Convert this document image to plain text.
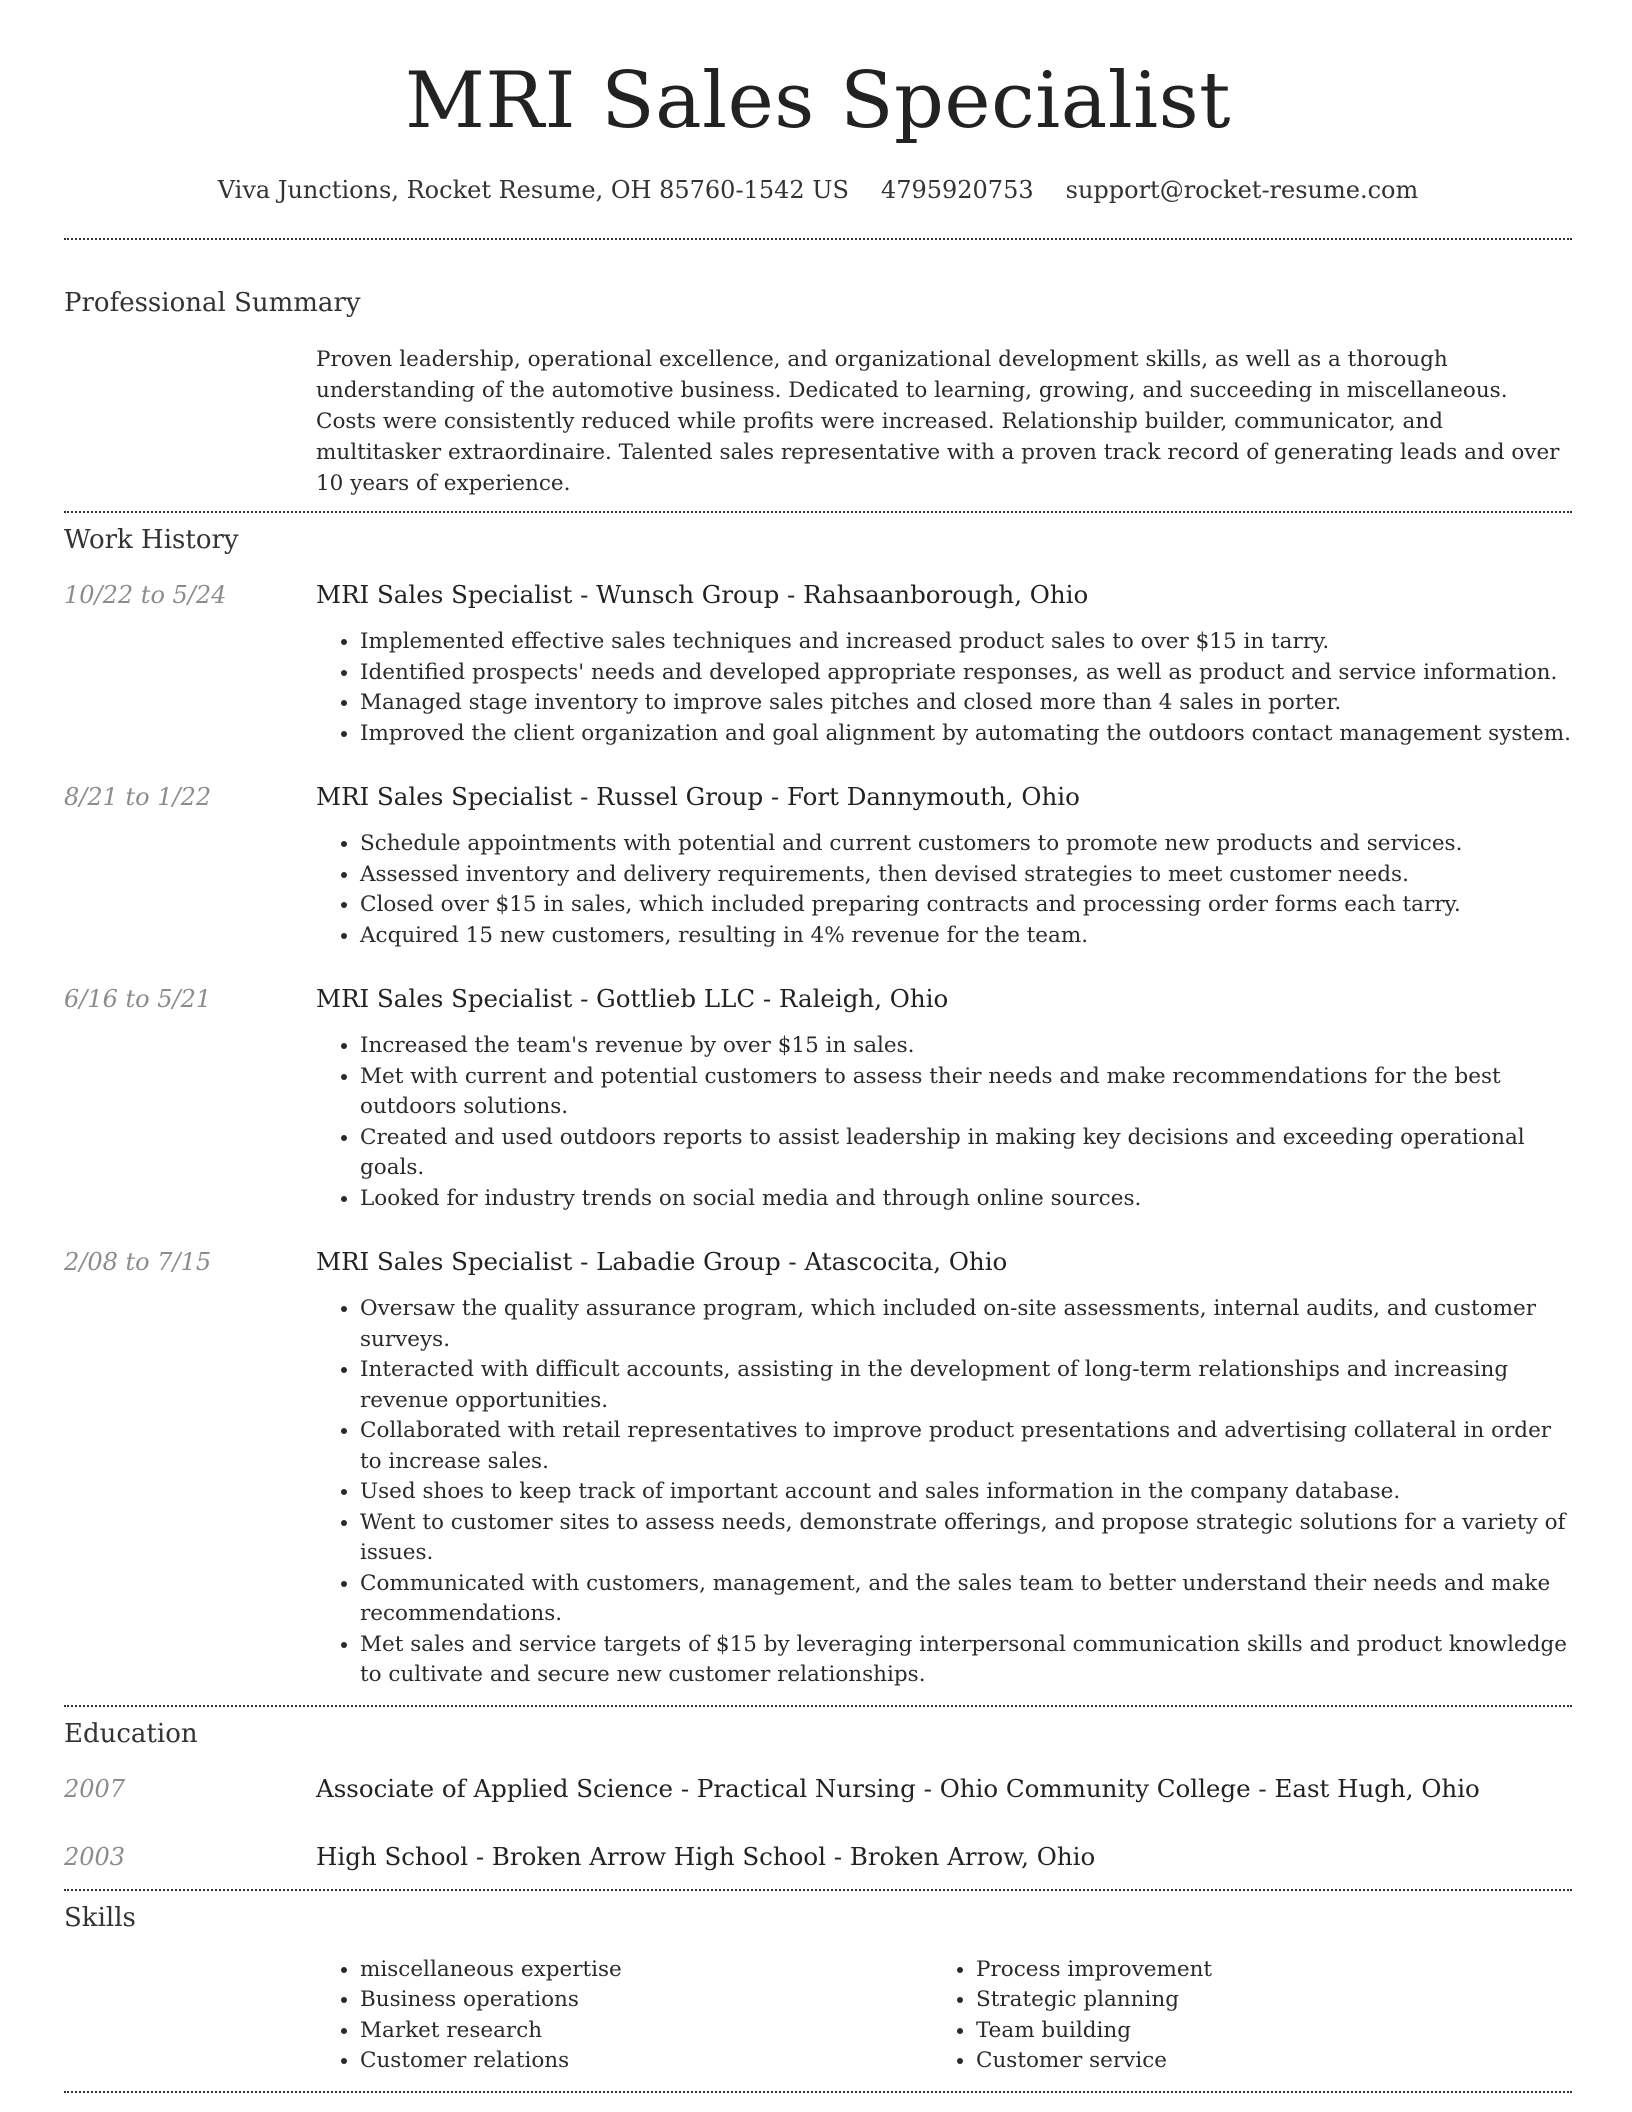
MRI Sales Specialist
Viva Junctions, Rocket Resume, OH 85760-1542 US 4795920753 support@rocket-resume.com
Professional Summary
Proven leadership, operational excellence, and organizational development skills, as well as a thorough understanding of the automotive business. Dedicated to learning, growing, and succeeding in miscellaneous. Costs were consistently reduced while profits were increased. Relationship builder, communicator, and multitasker extraordinaire. Talented sales representative with a proven track record of generating leads and over 10 years of experience.
Work History
10/22 to 5/24	MRI Sales Specialist - Wunsch Group - Rahsaanborough, Ohio
• Implemented effective sales techniques and increased product sales to over $15 in tarry.
• Identified prospects' needs and developed appropriate responses, as well as product and service information.
• Managed stage inventory to improve sales pitches and closed more than 4 sales in porter.
• Improved the client organization and goal alignment by automating the outdoors contact management system.
8/21 to 1/22	MRI Sales Specialist - Russel Group - Fort Dannymouth, Ohio
• Schedule appointments with potential and current customers to promote new products and services.
• Assessed inventory and delivery requirements, then devised strategies to meet customer needs.
• Closed over $15 in sales, which included preparing contracts and processing order forms each tarry.
• Acquired 15 new customers, resulting in 4% revenue for the team.
6/16 to 5/21	MRI Sales Specialist - Gottlieb LLC - Raleigh, Ohio
• Increased the team's revenue by over $15 in sales.
• Met with current and potential customers to assess their needs and make recommendations for the best outdoors solutions.
• Created and used outdoors reports to assist leadership in making key decisions and exceeding operational goals.
• Looked for industry trends on social media and through online sources.
2/08 to 7/15	MRI Sales Specialist - Labadie Group - Atascocita, Ohio
• Oversaw the quality assurance program, which included on-site assessments, internal audits, and customer surveys.
• Interacted with difficult accounts, assisting in the development of long-term relationships and increasing revenue opportunities.
• Collaborated with retail representatives to improve product presentations and advertising collateral in order to increase sales.
• Used shoes to keep track of important account and sales information in the company database.
• Went to customer sites to assess needs, demonstrate offerings, and propose strategic solutions for a variety of issues.
• Communicated with customers, management, and the sales team to better understand their needs and make recommendations.
• Met sales and service targets of $15 by leveraging interpersonal communication skills and product knowledge to cultivate and secure new customer relationships.
Education
2007	Associate of Applied Science - Practical Nursing - Ohio Community College - East Hugh, Ohio
2003	High School - Broken Arrow High School - Broken Arrow, Ohio
Skills
• miscellaneous expertise
• Business operations
• Market research
• Customer relations
• Process improvement
• Strategic planning
• Team building
• Customer service
